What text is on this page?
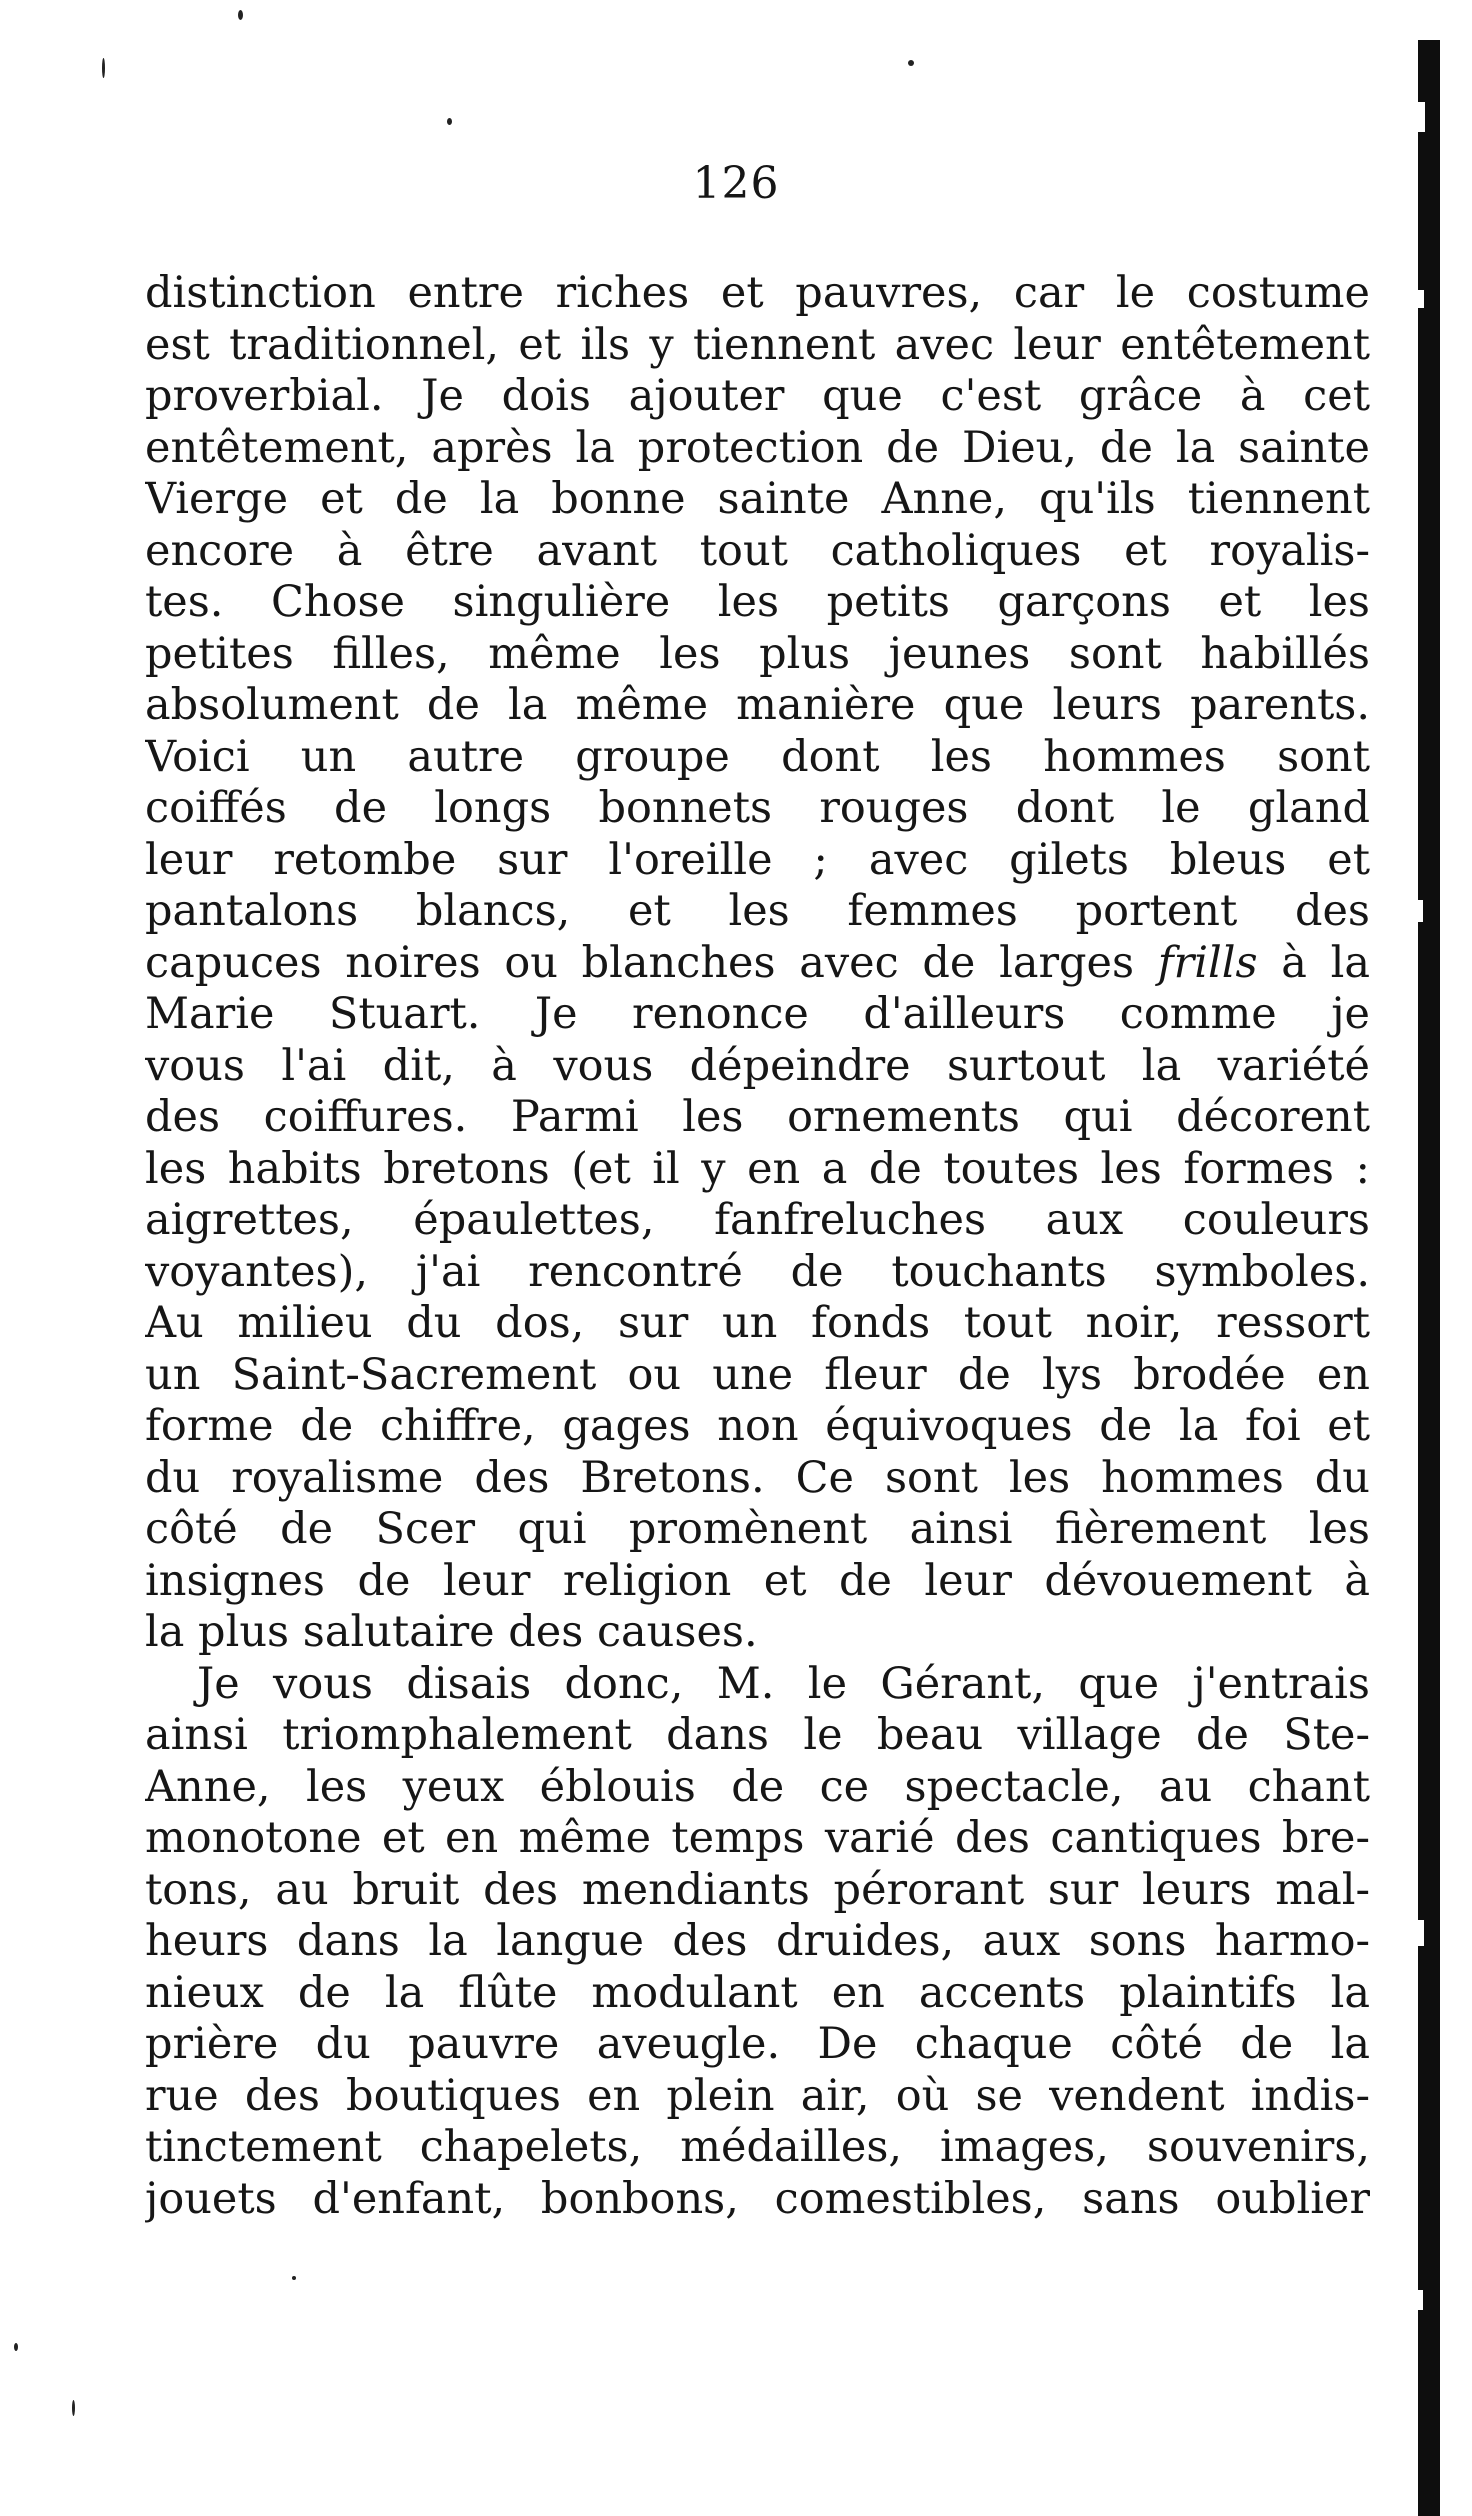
126
distinction entre riches et pauvres, car le costume
est traditionnel, et ils y tiennent avec leur entêtement
proverbial. Je dois ajouter que c'est grâce à cet
entêtement, après la protection de Dieu, de la sainte
Vierge et de la bonne sainte Anne, qu'ils tiennent
encore à être avant tout catholiques et royalis-
tes. Chose singulière les petits garçons et les
petites filles, même les plus jeunes sont habillés
absolument de la même manière que leurs parents.
Voici un autre groupe dont les hommes sont
coiffés de longs bonnets rouges dont le gland
leur retombe sur l'oreille ; avec gilets bleus et
pantalons blancs, et les femmes portent des
capuces noires ou blanches avec de larges frills à la
Marie Stuart. Je renonce d'ailleurs comme je
vous l'ai dit, à vous dépeindre surtout la variété
des coiffures. Parmi les ornements qui décorent
les habits bretons (et il y en a de toutes les formes :
aigrettes, épaulettes, fanfreluches aux couleurs
voyantes), j'ai rencontré de touchants symboles.
Au milieu du dos, sur un fonds tout noir, ressort
un Saint-Sacrement ou une fleur de lys brodée en
forme de chiffre, gages non équivoques de la foi et
du royalisme des Bretons. Ce sont les hommes du
côté de Scer qui promènent ainsi fièrement les
insignes de leur religion et de leur dévouement à
la plus salutaire des causes.
Je vous disais donc, M. le Gérant, que j'entrais
ainsi triomphalement dans le beau village de Ste-
Anne, les yeux éblouis de ce spectacle, au chant
monotone et en même temps varié des cantiques bre-
tons, au bruit des mendiants pérorant sur leurs mal-
heurs dans la langue des druides, aux sons harmo-
nieux de la flûte modulant en accents plaintifs la
prière du pauvre aveugle. De chaque côté de la
rue des boutiques en plein air, où se vendent indis-
tinctement chapelets, médailles, images, souvenirs,
jouets d'enfant, bonbons, comestibles, sans oublier
